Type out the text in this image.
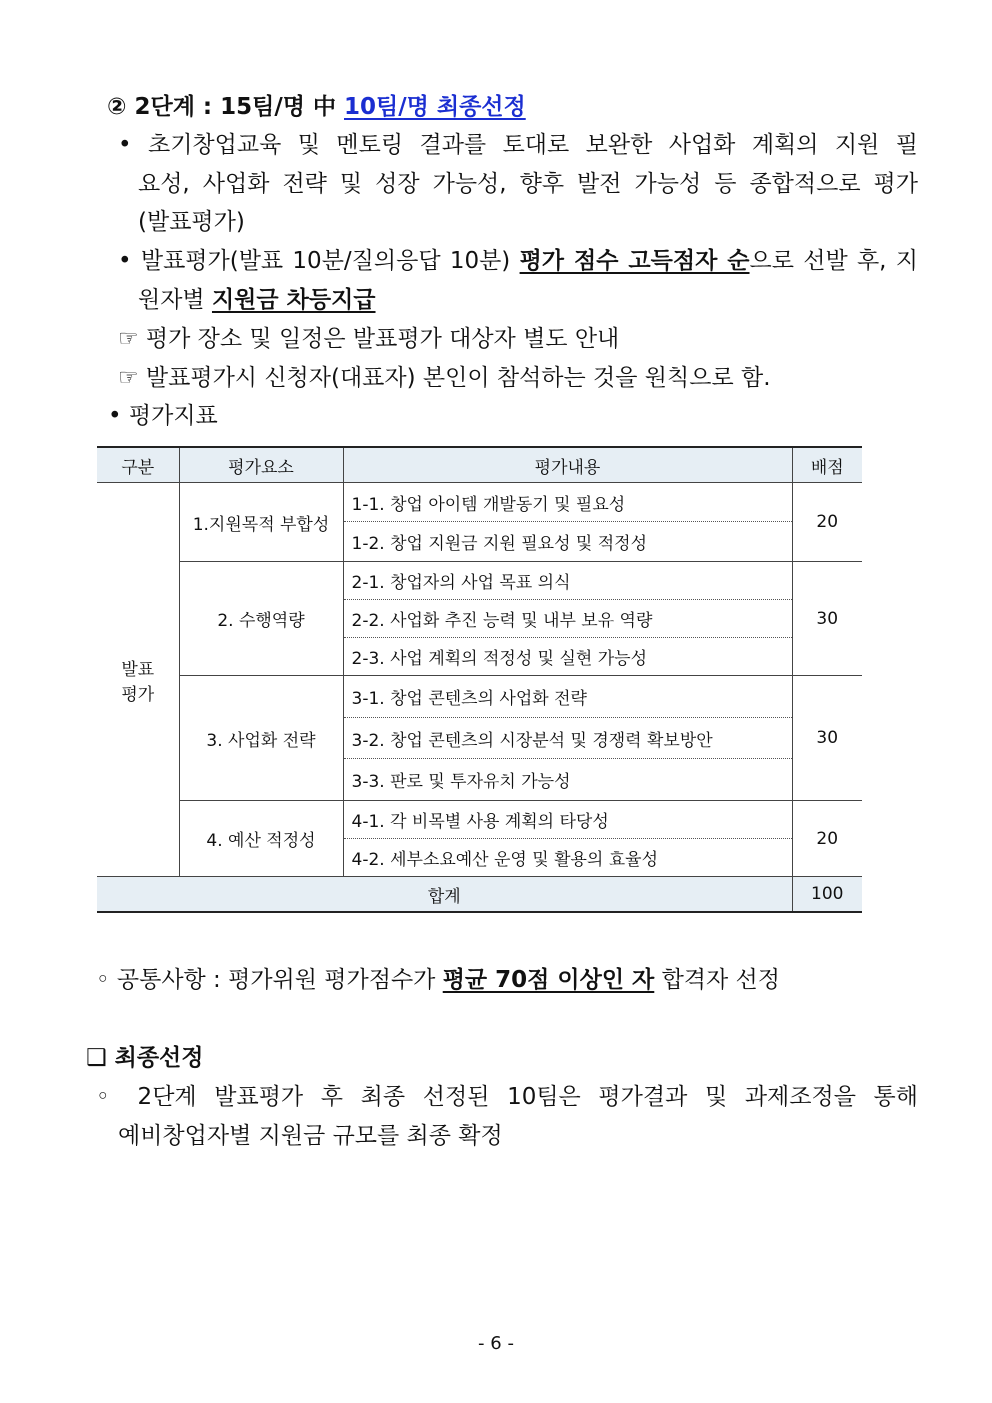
② 2단계 : 15팀/명 中 10팀/명 최종선정
• 초기창업교육 및 멘토링 결과를 토대로 보완한 사업화 계획의 지원 필
요성, 사업화 전략 및 성장 가능성, 향후 발전 가능성 등 종합적으로 평가
(발표평가)
• 발표평가(발표 10분/질의응답 10분) 평가 점수 고득점자 순으로 선발 후, 지
원자별 지원금 차등지급
☞ 평가 장소 및 일정은 발표평가 대상자 별도 안내
☞ 발표평가시 신청자(대표자) 본인이 참석하는 것을 원칙으로 함.
• 평가지표
구분	평가요소	평가내용	배점

발표
평가	1.지원목적 부합성	1-1. 창업 아이템 개발동기 및 필요성	20
		1-2. 창업 지원금 지원 필요성 및 적정성	
	2. 수행역량	2-1. 창업자의 사업 목표 의식	30
		2-2. 사업화 추진 능력 및 내부 보유 역량	
		2-3. 사업 계획의 적정성 및 실현 가능성	
	3. 사업화 전략	3-1. 창업 콘텐츠의 사업화 전략	30
		3-2. 창업 콘텐츠의 시장분석 및 경쟁력 확보방안	
		3-3. 판로 및 투자유치 가능성	
	4. 예산 적정성	4-1. 각 비목별 사용 계획의 타당성	20
		4-2. 세부소요예산 운영 및 활용의 효율성	
합계			100
◦ 공통사항 : 평가위원 평가점수가 평균 70점 이상인 자 합격자 선정
❑ 최종선정
◦ 2단계 발표평가 후 최종 선정된 10팀은 평가결과 및 과제조정을 통해
예비창업자별 지원금 규모를 최종 확정
- 6 -
